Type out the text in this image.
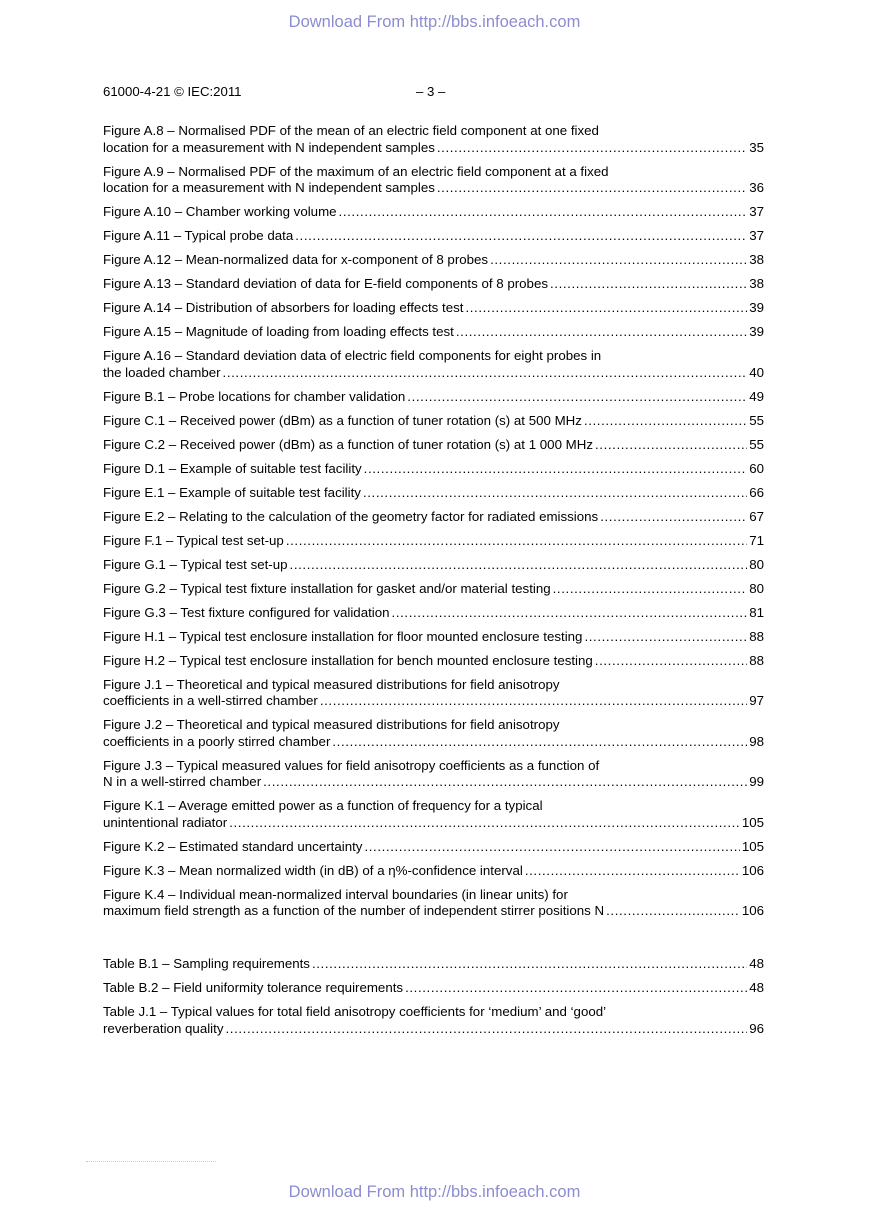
Download From http://bbs.infoeach.com
61000-4-21 © IEC:2011	– 3 –
Figure A.8 – Normalised PDF of the mean of an electric field component at one fixed
location for a measurement with N independent samples .....	35
Figure A.9 – Normalised PDF of the maximum of an electric field component at a fixed
location for a measurement with N independent samples .....	36
Figure A.10 – Chamber working volume .....	37
Figure A.11 – Typical probe data .....	37
Figure A.12 – Mean-normalized data for x-component of 8 probes .....	38
Figure A.13 – Standard deviation of data for E-field components of 8 probes .....	38
Figure A.14 – Distribution of absorbers for loading effects test .....	39
Figure A.15 – Magnitude of loading from loading effects test .....	39
Figure A.16 – Standard deviation data of electric field components for eight probes in
the loaded chamber .....	40
Figure B.1 – Probe locations for chamber validation .....	49
Figure C.1 – Received power (dBm) as a function of tuner rotation (s) at 500 MHz .....	55
Figure C.2 – Received power (dBm) as a function of tuner rotation (s) at 1 000 MHz .....	55
Figure D.1 – Example of suitable test facility .....	60
Figure E.1 – Example of suitable test facility .....	66
Figure E.2 – Relating to the calculation of the geometry factor for radiated emissions .....	67
Figure F.1 – Typical test set-up .....	71
Figure G.1 – Typical test set-up .....	80
Figure G.2 – Typical test fixture installation for gasket and/or material testing .....	80
Figure G.3 – Test fixture configured for validation .....	81
Figure H.1 – Typical test enclosure installation for floor mounted enclosure testing .....	88
Figure H.2 – Typical test enclosure installation for bench mounted enclosure testing .....	88
Figure J.1 – Theoretical and typical measured distributions for field anisotropy
coefficients in a well-stirred chamber .....	97
Figure J.2 – Theoretical and typical measured distributions for field anisotropy
coefficients in a poorly stirred chamber .....	98
Figure J.3 – Typical measured values for field anisotropy coefficients as a function of
N in a well-stirred chamber .....	99
Figure K.1 – Average emitted power as a function of frequency for a typical
unintentional radiator .....	105
Figure K.2 – Estimated standard uncertainty .....	105
Figure K.3 – Mean normalized width (in dB) of a η%-confidence interval .....	106
Figure K.4 – Individual mean-normalized interval boundaries (in linear units) for
maximum field strength as a function of the number of independent stirrer positions N .....	106
Table B.1 – Sampling requirements .....	48
Table B.2 – Field uniformity tolerance requirements .....	48
Table J.1 – Typical values for total field anisotropy coefficients for ‘medium’ and ‘good’
reverberation quality .....	96
Download From http://bbs.infoeach.com
